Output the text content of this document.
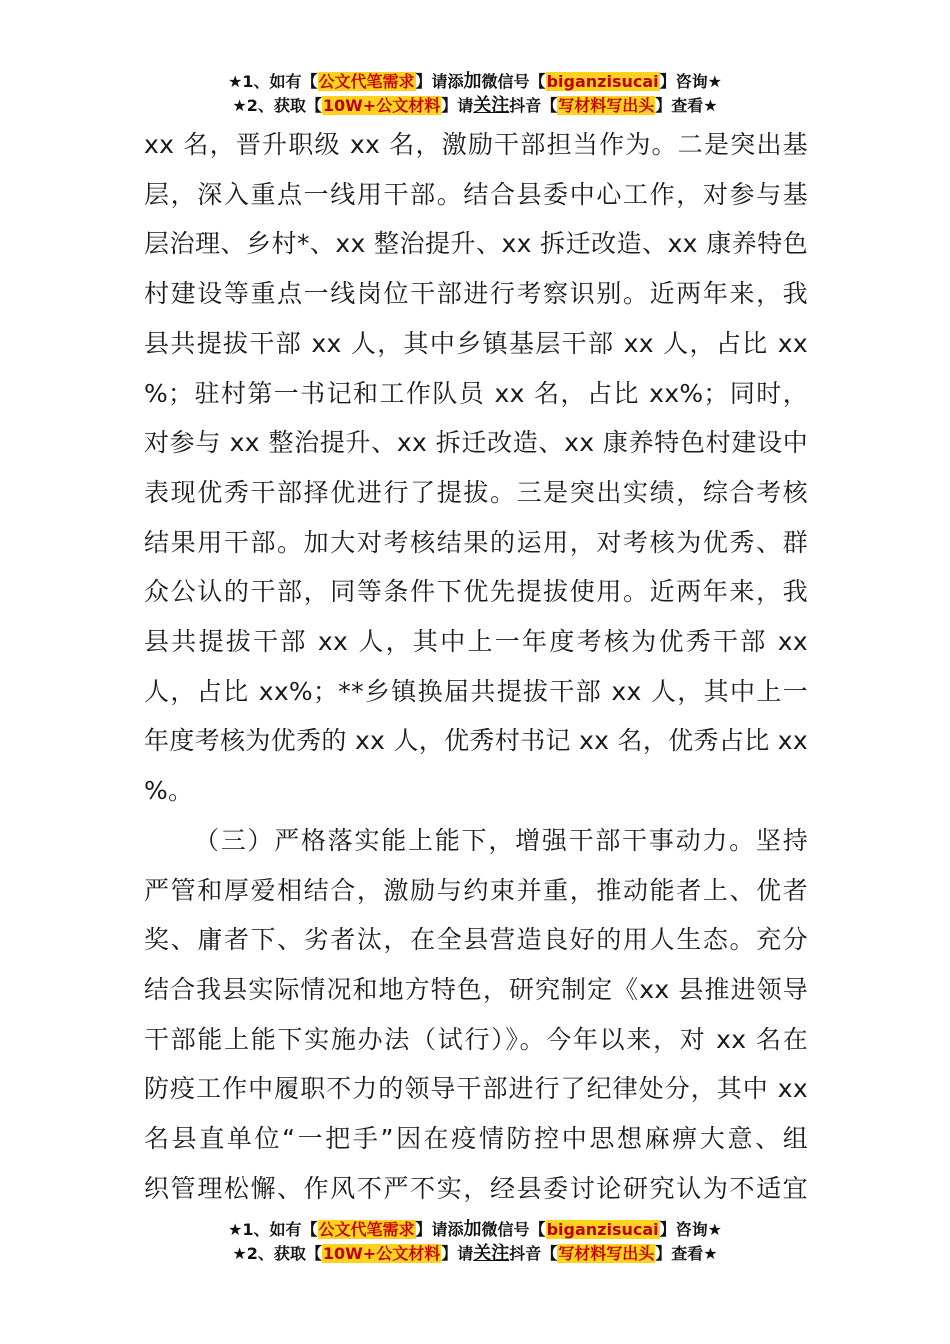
★1、如有【公文代笔需求】请添加微信号【biganzisucai】咨询★
★2、获取【10W+公文材料】请关注抖音【写材料写出头】查看★

xx 名，晋升职级 xx 名，激励干部担当作为。二是突出基
层，深入重点一线用干部。结合县委中心工作，对参与基
层治理、乡村*、xx 整治提升、xx 拆迁改造、xx 康养特色
村建设等重点一线岗位干部进行考察识别。近两年来，我
县共提拔干部 xx 人，其中乡镇基层干部 xx 人，占比 xx
%；驻村第一书记和工作队员 xx 名，占比 xx%；同时，
对参与 xx 整治提升、xx 拆迁改造、xx 康养特色村建设中
表现优秀干部择优进行了提拔。三是突出实绩，综合考核
结果用干部。加大对考核结果的运用，对考核为优秀、群
众公认的干部，同等条件下优先提拔使用。近两年来，我
县共提拔干部 xx 人，其中上一年度考核为优秀干部 xx
人，占比 xx%；**乡镇换届共提拔干部 xx 人，其中上一
年度考核为优秀的 xx 人，优秀村书记 xx 名，优秀占比 xx
%。

（三）严格落实能上能下，增强干部干事动力。坚持
严管和厚爱相结合，激励与约束并重，推动能者上、优者
奖、庸者下、劣者汰，在全县营造良好的用人生态。充分
结合我县实际情况和地方特色，研究制定《xx 县推进领导
干部能上能下实施办法（试行）》。今年以来，对 xx 名在
防疫工作中履职不力的领导干部进行了纪律处分，其中 xx
名县直单位“一把手”因在疫情防控中思想麻痹大意、组
织管理松懈、作风不严不实，经县委讨论研究认为不适宜

★1、如有【公文代笔需求】请添加微信号【biganzisucai】咨询★
★2、获取【10W+公文材料】请关注抖音【写材料写出头】查看★
